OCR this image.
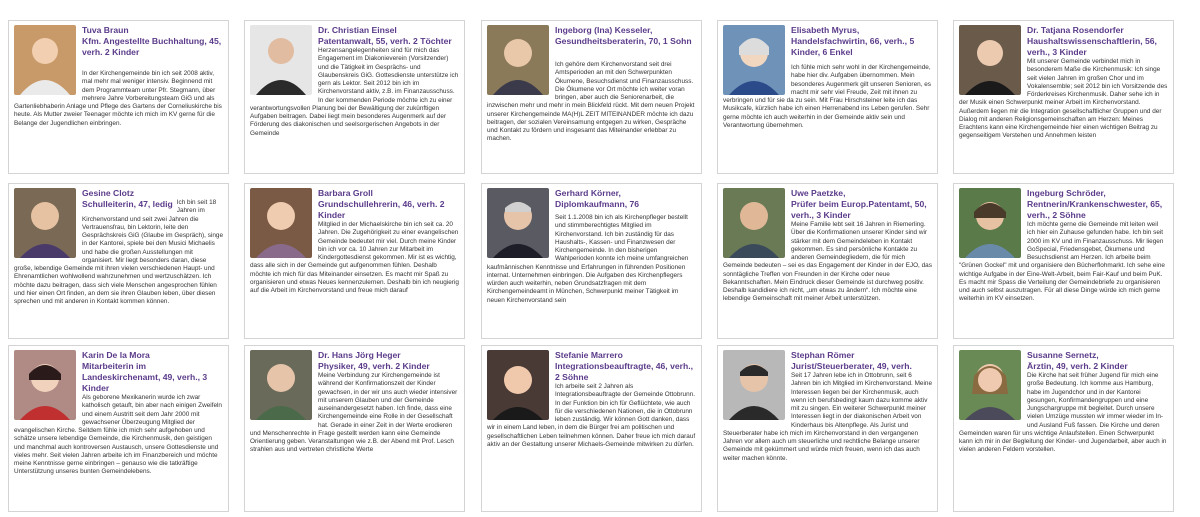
Tuva Braun
Kfm. Angestellte Buchhaltung, 45, verh. 2 Kinder
In der Kirchengemeinde bin ich seit 2008 aktiv, mal mehr mal weniger intensiv. Beginnend mit dem Programmteam unter Pfr. Stegmann, über mehrere Jahre Vorbereitungsteam GiG und als Gartenliebhaberin Anlage und Pflege des Gartens der Corneliuskirche bis heute. Als Mutter zweier Teenager möchte ich mich im KV gerne für die Belange der Jugendlichen einbringen.
Dr. Christian Einsel
Patentanwalt, 55, verh. 2 Töchter
Herzensangelegenheiten sind für mich das Engagement im Diakonieverein (Vorsitzender) und die Tätigkeit im Gesprächs- und Glaubenskreis GiG. Gottesdienste unterstütze ich gern als Lektor. Seit 2012 bin ich im Kirchenvorstand aktiv, z.B. im Finanzausschuss. In der kommenden Periode möchte ich zu einer verantwortungsvollen Planung bei der Bewältigung der zukünftigen Aufgaben beitragen. Dabei liegt mein besonderes Augenmerk auf der Förderung des diakonischen und seelsorgerischen Angebots in der Gemeinde
Ingeborg (Ina) Kesseler,
Gesundheitsberaterin, 70, 1 Sohn
Ich gehöre dem Kirchenvorstand seit drei Amtsperioden an mit den Schwerpunkten Ökumene, Besuchsdienst und Finanzausschuss. Die Ökumene vor Ort möchte ich weiter voran bringen, aber auch die Seniorenarbeit, die inzwischen mehr und mehr in mein Blickfeld rückt. Mit dem neuen Projekt unserer Kirchengemeinde MA(H)L ZEIT MITEINANDER möchte ich dazu beitragen, der sozialen Vereinsamung entgegen zu wirken, Gespräche und Kontakt zu fördern und insgesamt das Miteinander erlebbar zu machen.
Elisabeth Myrus,
Handelsfachwirtin, 66, verh., 5 Kinder, 6 Enkel
Ich fühle mich sehr wohl in der Kirchengemeinde, habe hier div. Aufgaben übernommen. Mein besonderes Augenmerk gilt unseren Senioren, es macht mir sehr viel Freude, Zeit mit ihnen zu verbringen und für sie da zu sein. Mit Frau Hirschsteiner leite ich das Musikcafe, kürzlich habe ich einen Herrenabend ins Leben gerufen. Sehr gerne möchte ich auch weiterhin in der Gemeinde aktiv sein und Verantwortung übernehmen.
Dr. Tatjana Rosendorfer
Haushaltswissenschaftlerin, 56, verh., 3 Kinder
Mit unserer Gemeinde verbindet mich in besonderem Maße die Kirchenmusik: Ich singe seit vielen Jahren im großen Chor und im Vokalensemble; seit 2012 bin ich Vorsitzende des Förderkreises Kirchenmusik. Daher sehe ich in der Musik einen Schwerpunkt meiner Arbeit im Kirchenvorstand. Außerdem liegen mir die Integration gesellschaftlicher Gruppen und der Dialog mit anderen Religionsgemeinschaften am Herzen: Meines Erachtens kann eine Kirchengemeinde hier einen wichtigen Beitrag zu gegenseitigem Verstehen und Annehmen leisten
Gesine Clotz
Schulleiterin, 47, ledig Ich bin seit 18 Jahren im Kirchenvorstand und seit zwei Jahren die Vertrauensfrau, bin Lektorin, leite den Gesprächskreis GiG (Glaube im Gespräch), singe in der Kantorei, spiele bei den Musici Michaelis und habe die großen Ausstellungen mit organisiert. Mir liegt besonders daran, diese große, lebendige Gemeinde mit ihren vielen verschiedenen Haupt- und Ehrenamtlichen wohlwollend wahrzunehmen und wertzuschätzen. Ich möchte dazu beitragen, dass sich viele Menschen angesprochen fühlen und hier einen Ort finden, an dem sie ihren Glauben leben, über diesen sprechen und mit anderen in Kontakt kommen können.
Barbara Groll
Grundschullehrerin, 46, verh. 2 Kinder
Mitglied in der Michaelskirche bin ich seit ca. 20 Jahren. Die Zugehörigkeit zu einer evangelischen Gemeinde bedeutet mir viel. Durch meine Kinder bin ich vor ca. 10 Jahren zur Mitarbeit im Kindergottesdienst gekommen. Mir ist es wichtig, dass alle sich in der Gemeinde gut aufgenommen fühlen. Deshalb möchte ich mich für das Miteinander einsetzen. Es macht mir Spaß zu organisieren und etwas Neues kennenzulernen. Deshalb bin ich neugierig auf die Arbeit im Kirchenvorstand und freue mich darauf
Gerhard Körner,
Diplomkaufmann, 76
Seit 1.1.2008 bin ich als Kirchenpfleger bestellt und stimmberechtigtes Mitglied im Kirchenvorstand. Ich bin zuständig für das Haushalts-, Kassen- und Finanzwesen der Kirchengemeinde. In den bisherigen Wahlperioden konnte ich meine umfangreichen kaufmännischen Kenntnisse und Erfahrungen in führenden Positionen internat. Unternehmen einbringen. Die Aufgaben des Kirchenpflegers würden auch weiterhin, neben Grundsatzfragen mit dem Kirchengemeindeamt in München, Schwerpunkt meiner Tätigkeit im neuen Kirchenvorstand sein
Uwe Paetzke,
Prüfer beim Europ.Patentamt, 50, verh., 3 Kinder
Meine Familie lebt seit 16 Jahren in Riemerling. Über die Konfirmationen unserer Kinder sind wir stärker mit dem Gemeindeleben in Kontakt gekommen. Es sind persönliche Kontakte zu anderen Gemeindegliedern, die für mich Gemeinde bedeuten – sei es das Engagement der Kinder in der EJO, das sonntägliche Treffen von Freunden in der Kirche oder neue Bekanntschaften. Mein Eindruck dieser Gemeinde ist durchweg positiv. Deshalb kandidiere ich nicht, „um etwas zu ändern“. Ich möchte eine lebendige Gemeinschaft mit meiner Arbeit unterstützen.
Ingeburg Schröder,
Rentnerin/Krankenschwester, 65, verh., 2 Söhne
Ich möchte gerne die Gemeinde mit leiten weil ich hier ein Zuhause gefunden habe. Ich bin seit 2000 im KV und im Finanzausschuss. Mir liegen GoSpecial, Friedensgebet, Ökumene und Besuchsdienst am Herzen. Ich arbeite beim "Grünen Gockel" mit und organisiere den Bücherflohmarkt. Ich sehe eine wichtige Aufgabe in der Eine-Welt-Arbeit, beim Fair-Kauf und beim PuK. Es macht mir Spass die Verteilung der Gemeindebriefe zu organisieren und auch selbst auszutragen. Für all diese Dinge würde ich mich gerne weiterhin im KV einsetzen.
Karin De la Mora
Mitarbeiterin im Landeskirchenamt, 49, verh., 3 Kinder
Als geborene Mexikanerin wurde ich zwar katholisch getauft, bin aber nach einigen Zweifeln und einem Austritt seit dem Jahr 2000 mit gewachsener Überzeugung Mitglied der evangelischen Kirche. Seitdem fühle ich mich sehr aufgehoben und schätze unsere lebendige Gemeinde, die Kirchenmusik, den geistigen und manchmal auch kontroversen Austausch, unsere Gottesdienste und vieles mehr. Seit vielen Jahren arbeite ich im Finanzbereich und möchte meine Kenntnisse gerne einbringen – genauso wie die tatkräftige Unterstützung unseres bunten Gemeindelebens.
Dr. Hans Jörg Heger
Physiker, 49, verh. 2 Kinder
Meine Verbindung zur Kirchengemeinde ist während der Konfirmationszeit der Kinder gewachsen, in der wir uns auch wieder intensiver mit unserem Glauben und der Gemeinde auseinandergesetzt haben. Ich finde, dass eine Kirchengemeinde eine Rolle in der Gesellschaft hat. Gerade in einer Zeit in der Werte erodieren und Menschenrechte in Frage gestellt werden kann eine Gemeinde Orientierung geben. Veranstaltungen wie z.B. der Abend mit Prof. Lesch strahlen aus und vertreten christliche Werte
Stefanie Marrero
Integrationsbeauftragte, 46, verh., 2 Söhne
Ich arbeite seit 2 Jahren als Integrationsbeauftragte der Gemeinde Ottobrunn. In der Funktion bin ich für Geflüchtete, wie auch für die verschiedenen Nationen, die in Ottobrunn leben zuständig. Wir können Gott danken, dass wir in einem Land leben, in dem die Bürger frei am politischen und gesellschaftlichen Leben teilnehmen können. Daher freue ich mich darauf aktiv an der Gestaltung unserer Michaels-Gemeinde mitwirken zu dürfen.
Stephan Römer
Jurist/Steuerberater, 49, verh.
Seit 17 Jahren lebe ich in Ottobrunn, seit 6 Jahren bin ich Mitglied im Kirchenvorstand. Meine Interessen liegen bei der Kirchenmusik, auch wenn ich berufsbedingt kaum dazu komme aktiv mit zu singen. Ein weiterer Schwerpunkt meiner Interessen liegt in der diakonischen Arbeit von Kinderhaus bis Altenpflege. Als Jurist und Steuerberater habe ich mich im Kirchenvorstand in den vergangenen Jahren vor allem auch um steuerliche und rechtliche Belange unserer Gemeinde mit gekümmert und würde mich freuen, wenn ich das auch weiter machen könnte.
Susanne Sernetz,
Ärztin, 49, verh. 2 Kinder
Die Kirche hat seit früher Jugend für mich eine große Bedeutung. Ich komme aus Hamburg, habe im Jugendchor und in der Kantorei gesungen, Konfirmandengruppen und eine Jungschargruppe mit begleitet. Durch unsere vielen Umzüge mussten wir immer wieder im In- und Ausland Fuß fassen. Die Kirche und deren Gemeinden waren für uns wichtige Anlaufstellen. Einen Schwerpunkt kann ich mir in der Begleitung der Kinder- und Jugendarbeit, aber auch in vielen anderen Feldern vorstellen.
